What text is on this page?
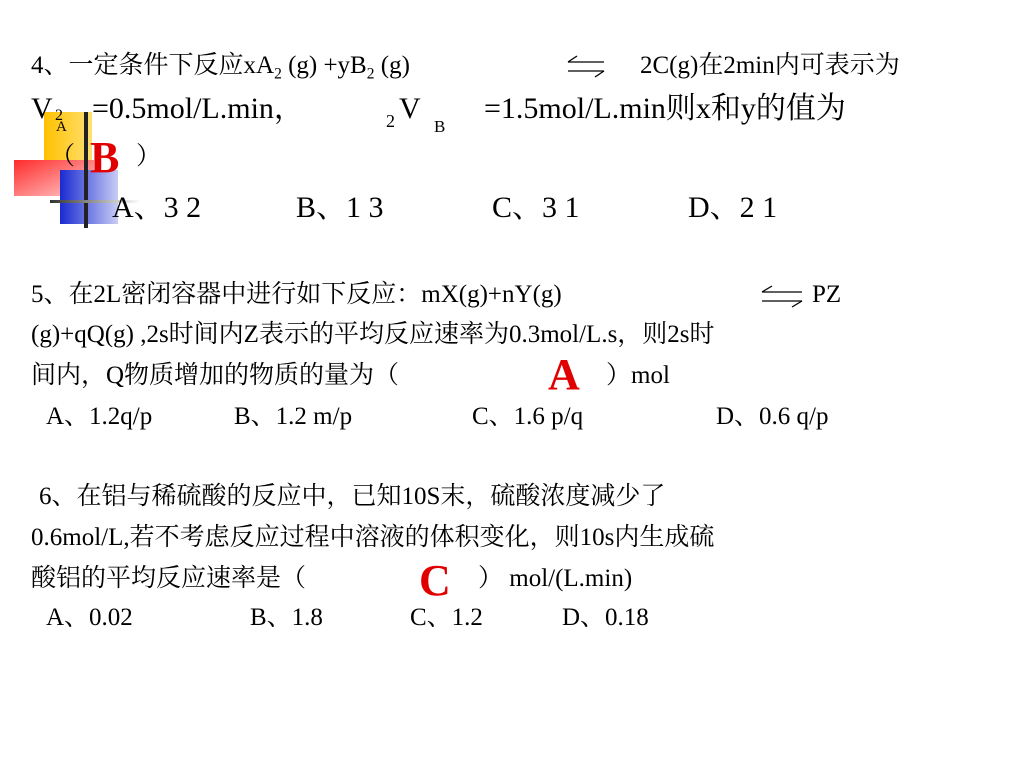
4、一定条件下反应$xA_2$ $(g) +yB_2$ (g)	2C(g)在2min内可表示为
V 2
A
=0.5mol/L.min，	2 V
B
=1.5mol/L.min则x和y的值为
（ B ）
A、3 2	B、1 3	C、3 1	D、2 1
5、在2L密闭容器中进行如下反应：mX(g)+nY(g)	⇌ PZ
(g)+qQ(g) ,2s时间内Z表示的平均反应速率为0.3mol/L.s，则2s时
间内，Q物质增加的物质的量为（	A ）mol
A、1.2q/p	B、1.2 m/p	C、1.6 p/q	D、0.6 q/p
6、在铝与稀硫酸的反应中，已知10S末，硫酸浓度减少了
0.6mol/L,若不考虑反应过程中溶液的体积变化，则10s内生成硫
酸铝的平均反应速率是（	C ） mol/(L.min)
A、0.02	B、1.8	C、1.2	D、0.18
